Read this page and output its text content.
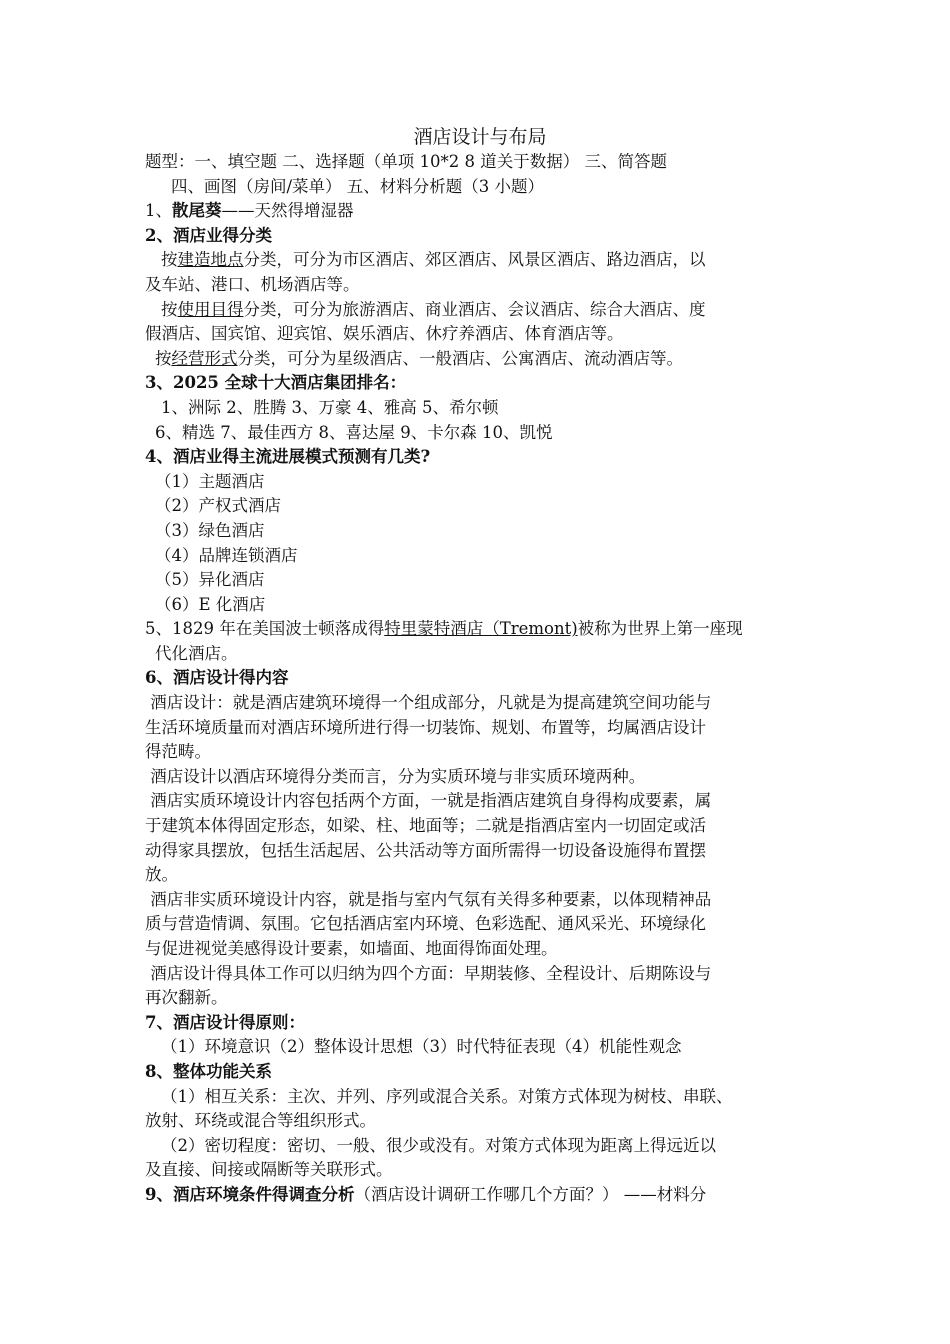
酒店设计与布局
题型：一、填空题 二、选择题（单项 10*2 8 道关于数据） 三、简答题
四、画图（房间/菜单） 五、材料分析题（3 小题）
1、散尾葵——天然得增湿器
2、酒店业得分类
按建造地点分类，可分为市区酒店、郊区酒店、风景区酒店、路边酒店，以
及车站、港口、机场酒店等。
按使用目得分类，可分为旅游酒店、商业酒店、会议酒店、综合大酒店、度
假酒店、国宾馆、迎宾馆、娱乐酒店、休疗养酒店、体育酒店等。
按经营形式分类，可分为星级酒店、一般酒店、公寓酒店、流动酒店等。
3、2025 全球十大酒店集团排名：
1、洲际 2、胜腾 3、万豪 4、雅高 5、希尔顿
6、精选 7、最佳西方 8、喜达屋 9、卡尔森 10、凯悦
4、酒店业得主流进展模式预测有几类?
（1）主题酒店
（2）产权式酒店
（3）绿色酒店
（4）品牌连锁酒店
（5）异化酒店
（6）E 化酒店
5、1829 年在美国波士顿落成得特里蒙特酒店（Tremont)被称为世界上第一座现
代化酒店。
6、酒店设计得内容
酒店设计：就是酒店建筑环境得一个组成部分，凡就是为提高建筑空间功能与
生活环境质量而对酒店环境所进行得一切装饰、规划、布置等，均属酒店设计
得范畴。
酒店设计以酒店环境得分类而言，分为实质环境与非实质环境两种。
酒店实质环境设计内容包括两个方面，一就是指酒店建筑自身得构成要素，属
于建筑本体得固定形态，如梁、柱、地面等；二就是指酒店室内一切固定或活
动得家具摆放，包括生活起居、公共活动等方面所需得一切设备设施得布置摆
放。
酒店非实质环境设计内容，就是指与室内气氛有关得多种要素，以体现精神品
质与营造情调、氛围。它包括酒店室内环境、色彩选配、通风采光、环境绿化
与促进视觉美感得设计要素，如墙面、地面得饰面处理。
酒店设计得具体工作可以归纳为四个方面：早期装修、全程设计、后期陈设与
再次翻新。
7、酒店设计得原则：
（1）环境意识（2）整体设计思想（3）时代特征表现（4）机能性观念
8、整体功能关系
（1）相互关系：主次、并列、序列或混合关系。对策方式体现为树枝、串联、
放射、环绕或混合等组织形式。
（2）密切程度：密切、一般、很少或没有。对策方式体现为距离上得远近以
及直接、间接或隔断等关联形式。
9、酒店环境条件得调查分析（酒店设计调研工作哪几个方面？） ——材料分
